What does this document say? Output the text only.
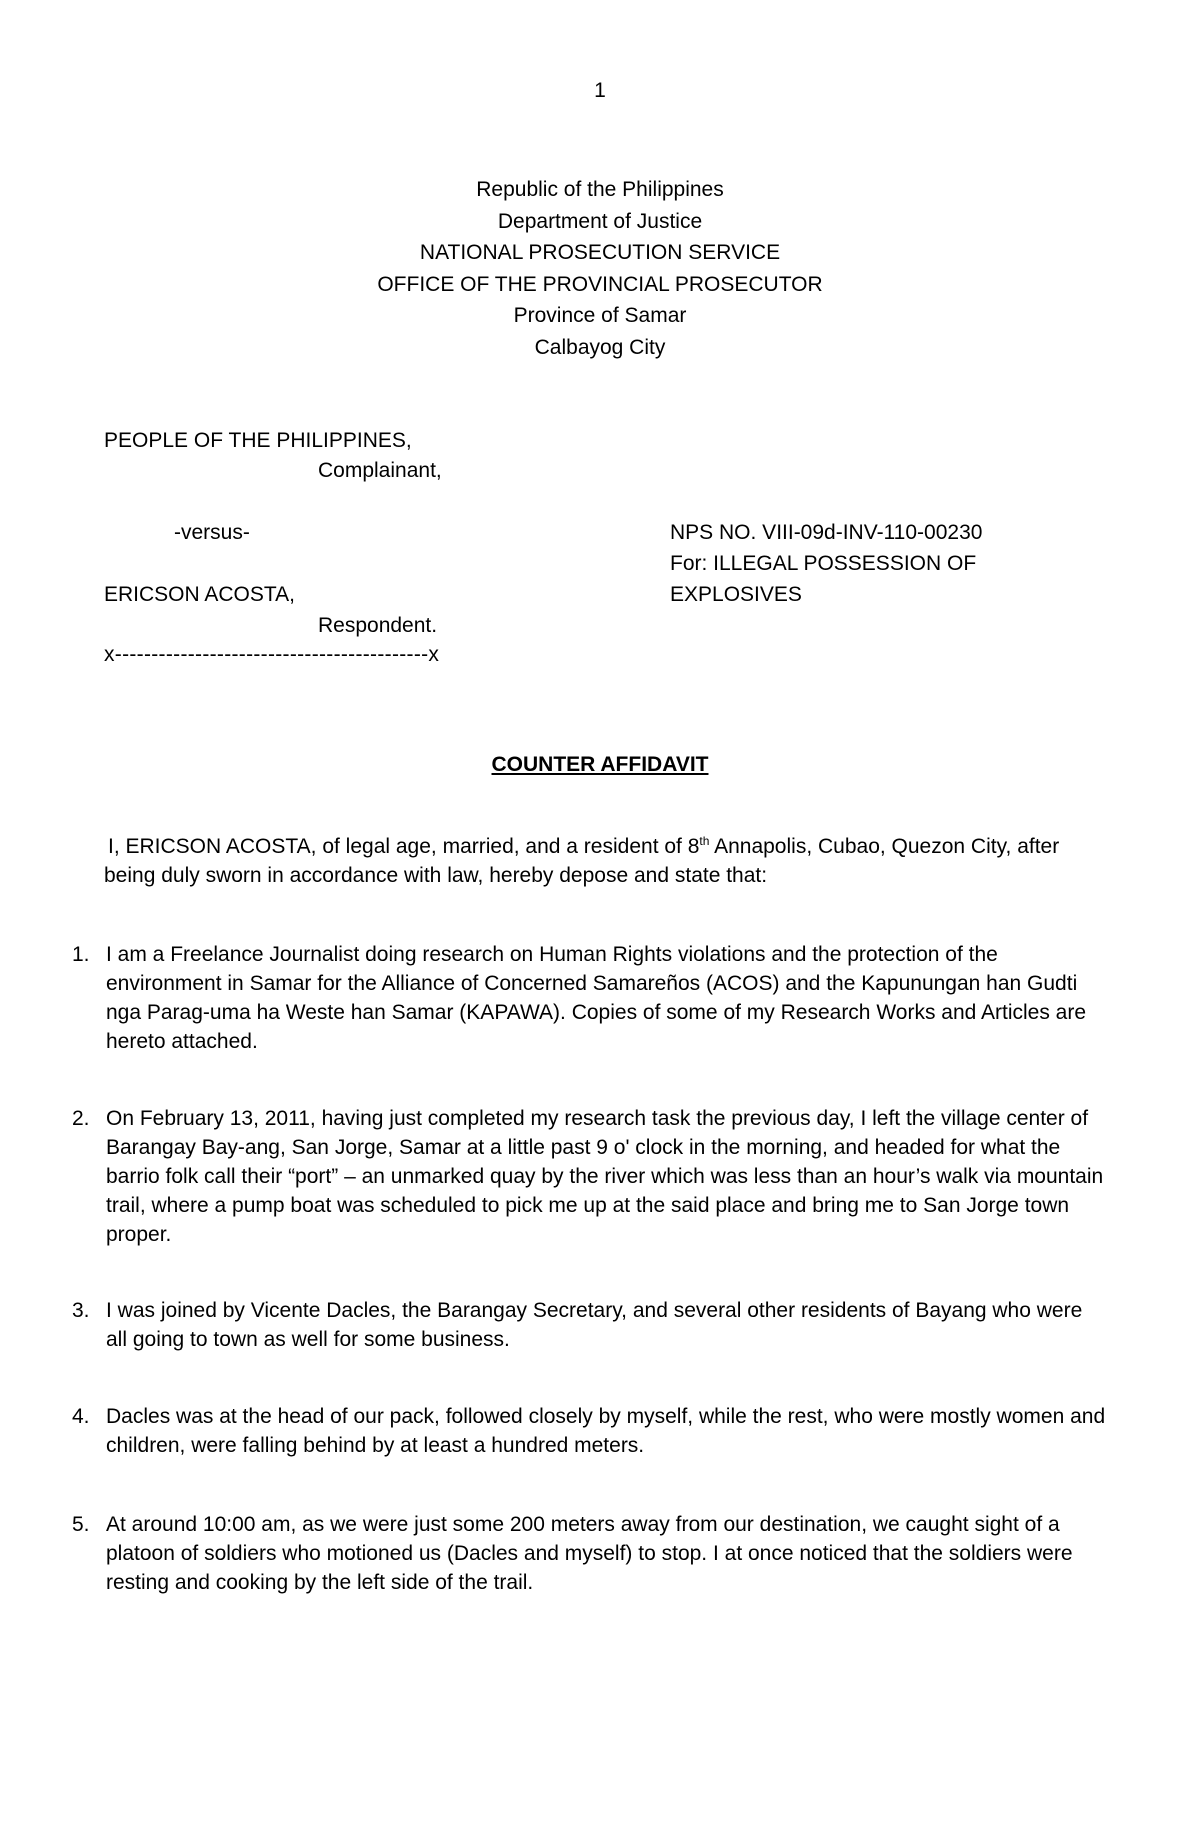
1
Republic of the Philippines
Department of Justice
NATIONAL PROSECUTION SERVICE
OFFICE OF THE PROVINCIAL PROSECUTOR
Province of Samar
Calbayog City
PEOPLE OF THE PHILIPPINES,
Complainant,
-versus-
ERICSON ACOSTA,
Respondent.
x-------------------------------------------x
NPS NO. VIII-09d-INV-110-00230
For: ILLEGAL POSSESSION OF
EXPLOSIVES
COUNTER AFFIDAVIT
I, ERICSON ACOSTA, of legal age, married, and a resident of 8th Annapolis, Cubao, Quezon City, after being duly sworn in accordance with law, hereby depose and state that:
1. I am a Freelance Journalist doing research on Human Rights violations and the protection of the environment in Samar for the Alliance of Concerned Samareños (ACOS) and the Kapunungan han Gudti nga Parag-uma ha Weste han Samar (KAPAWA). Copies of some of my Research Works and Articles are hereto attached.
2. On February 13, 2011, having just completed my research task the previous day, I left the village center of Barangay Bay-ang, San Jorge, Samar at a little past 9 o' clock in the morning, and headed for what the barrio folk call their “port” – an unmarked quay by the river which was less than an hour’s walk via mountain trail, where a pump boat was scheduled to pick me up at the said place and bring me to San Jorge town proper.
3. I was joined by Vicente Dacles, the Barangay Secretary, and several other residents of Bayang who were all going to town as well for some business.
4. Dacles was at the head of our pack, followed closely by myself, while the rest, who were mostly women and children, were falling behind by at least a hundred meters.
5. At around 10:00 am, as we were just some 200 meters away from our destination, we caught sight of a platoon of soldiers who motioned us (Dacles and myself) to stop. I at once noticed that the soldiers were resting and cooking by the left side of the trail.
